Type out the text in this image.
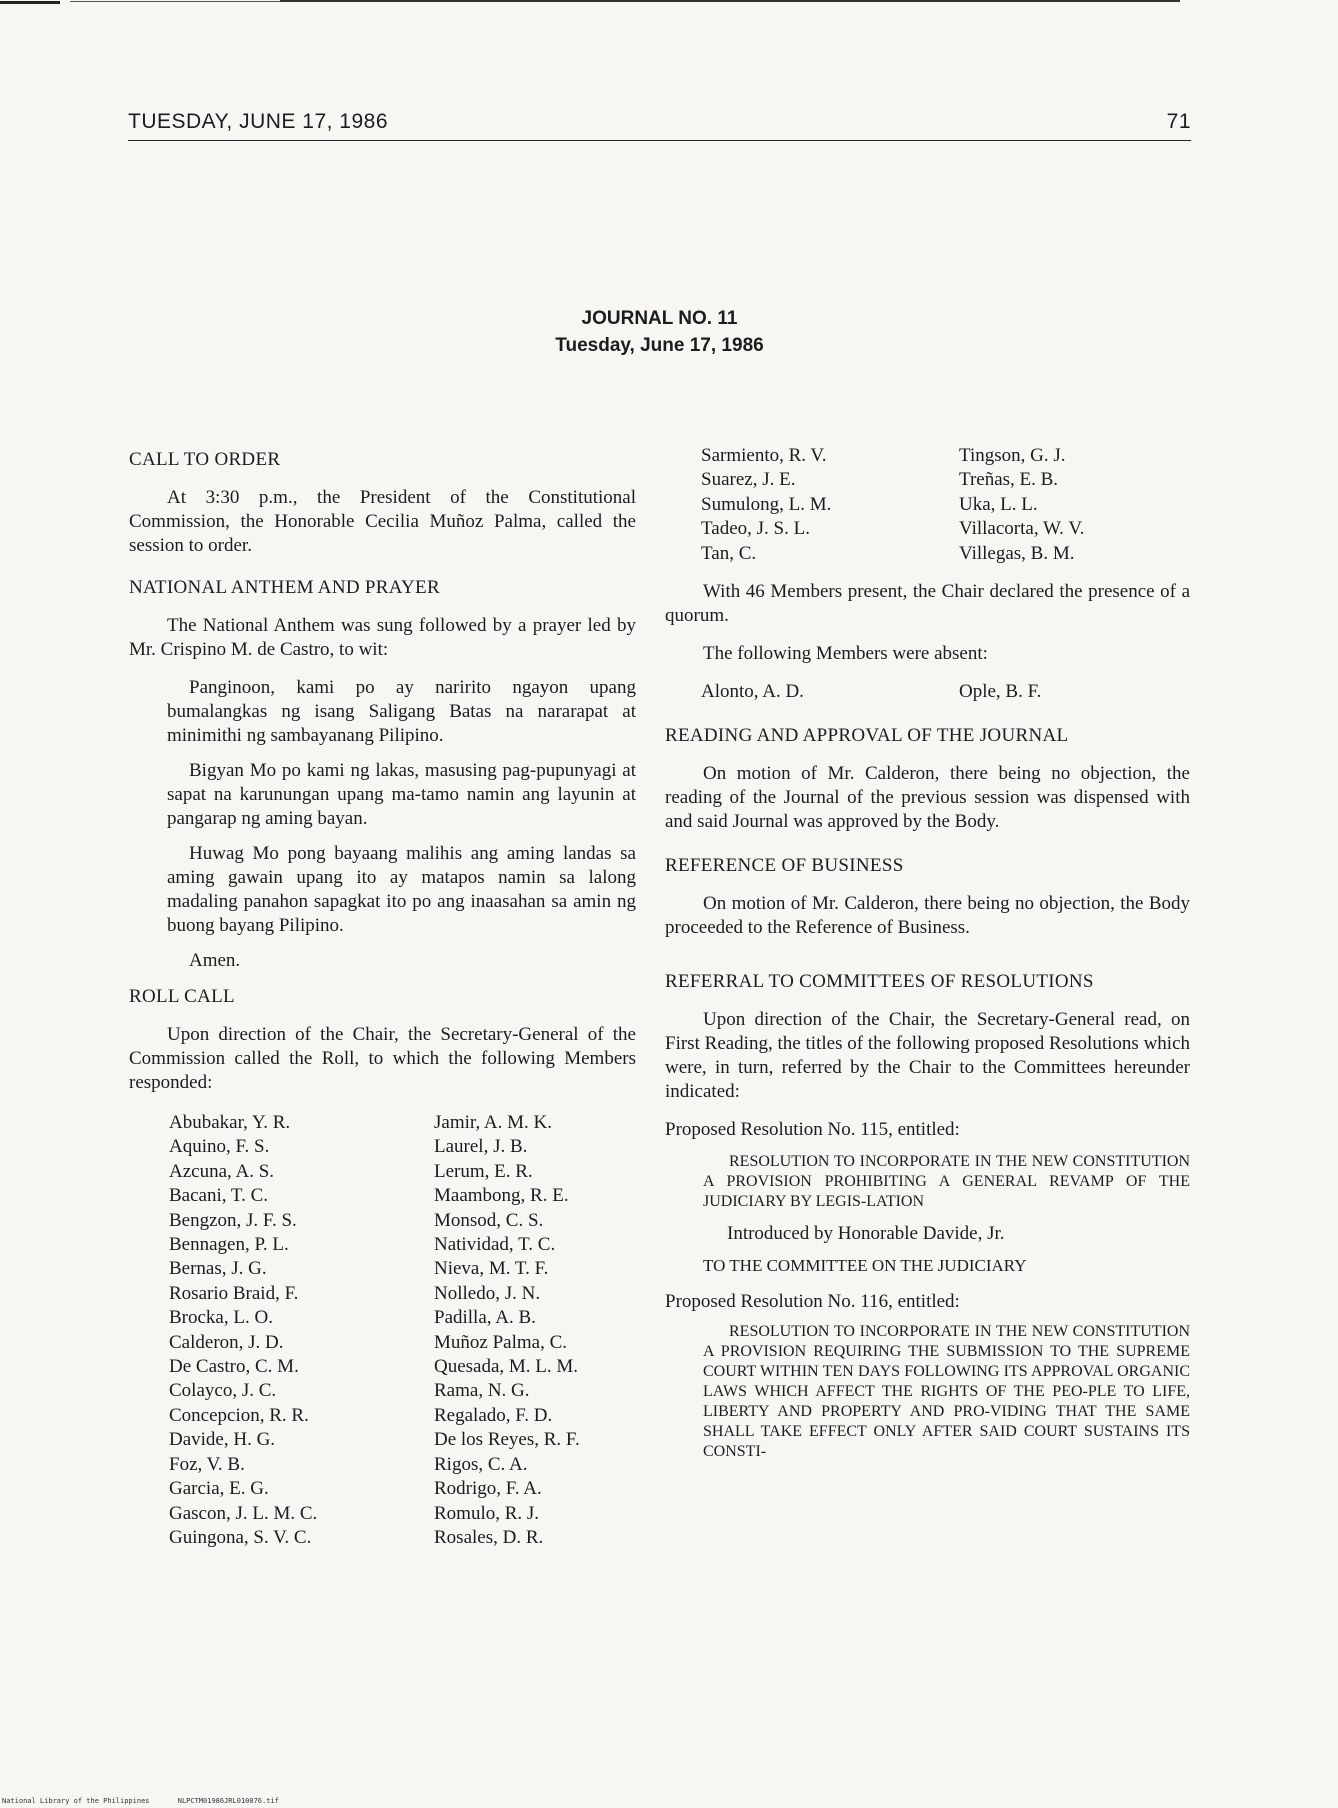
TUESDAY, JUNE 17, 1986	71
JOURNAL NO. 11
Tuesday, June 17, 1986
CALL TO ORDER

At 3:30 p.m., the President of the Constitutional Commission, the Honorable Cecilia Muñoz Palma, called the session to order.

NATIONAL ANTHEM AND PRAYER

The National Anthem was sung followed by a prayer led by Mr. Crispino M. de Castro, to wit:

Panginoon, kami po ay naririto ngayon upang bumalangkas ng isang Saligang Batas na nararapat at minimithi ng sambayanang Pilipino.

Bigyan Mo po kami ng lakas, masusing pag-pupunyagi at sapat na karunungan upang ma-tamo namin ang layunin at pangarap ng aming bayan.

Huwag Mo pong bayaang malihis ang aming landas sa aming gawain upang ito ay matapos namin sa lalong madaling panahon sapagkat ito po ang inaasahan sa amin ng buong bayang Pilipino.

Amen.

ROLL CALL

Upon direction of the Chair, the Secretary-General of the Commission called the Roll, to which the following Members responded:

Abubakar, Y. R.	Jamir, A. M. K.
Aquino, F. S.	Laurel, J. B.
Azcuna, A. S.	Lerum, E. R.
Bacani, T. C.	Maambong, R. E.
Bengzon, J. F. S.	Monsod, C. S.
Bennagen, P. L.	Natividad, T. C.
Bernas, J. G.	Nieva, M. T. F.
Rosario Braid, F.	Nolledo, J. N.
Brocka, L. O.	Padilla, A. B.
Calderon, J. D.	Muñoz Palma, C.
De Castro, C. M.	Quesada, M. L. M.
Colayco, J. C.	Rama, N. G.
Concepcion, R. R.	Regalado, F. D.
Davide, H. G.	De los Reyes, R. F.
Foz, V. B.	Rigos, C. A.
Garcia, E. G.	Rodrigo, F. A.
Gascon, J. L. M. C.	Romulo, R. J.
Guingona, S. V. C.	Rosales, D. R.
Sarmiento, R. V.	Tingson, G. J.
Suarez, J. E.	Treñas, E. B.
Sumulong, L. M.	Uka, L. L.
Tadeo, J. S. L.	Villacorta, W. V.
Tan, C.	Villegas, B. M.

With 46 Members present, the Chair declared the presence of a quorum.

The following Members were absent:

Alonto, A. D.	Ople, B. F.
READING AND APPROVAL OF THE JOURNAL

On motion of Mr. Calderon, there being no objection, the reading of the Journal of the previous session was dispensed with and said Journal was approved by the Body.

REFERENCE OF BUSINESS

On motion of Mr. Calderon, there being no objection, the Body proceeded to the Reference of Business.

REFERRAL TO COMMITTEES OF RESOLUTIONS

Upon direction of the Chair, the Secretary-General read, on First Reading, the titles of the following proposed Resolutions which were, in turn, referred by the Chair to the Committees hereunder indicated:

Proposed Resolution No. 115, entitled:

RESOLUTION TO INCORPORATE IN THE NEW CONSTITUTION A PROVISION PROHIBITING A GENERAL REVAMP OF THE JUDICIARY BY LEGIS-LATION

Introduced by Honorable Davide, Jr.

TO THE COMMITTEE ON THE JUDICIARY

Proposed Resolution No. 116, entitled:

RESOLUTION TO INCORPORATE IN THE NEW CONSTITUTION A PROVISION REQUIRING THE SUBMISSION TO THE SUPREME COURT WITHIN TEN DAYS FOLLOWING ITS APPROVAL ORGANIC LAWS WHICH AFFECT THE RIGHTS OF THE PEO-PLE TO LIFE, LIBERTY AND PROPERTY AND PRO-VIDING THAT THE SAME SHALL TAKE EFFECT ONLY AFTER SAID COURT SUSTAINS ITS CONSTI-

National Library of the Philippines	NLPCTM01986JRL010076.tif
